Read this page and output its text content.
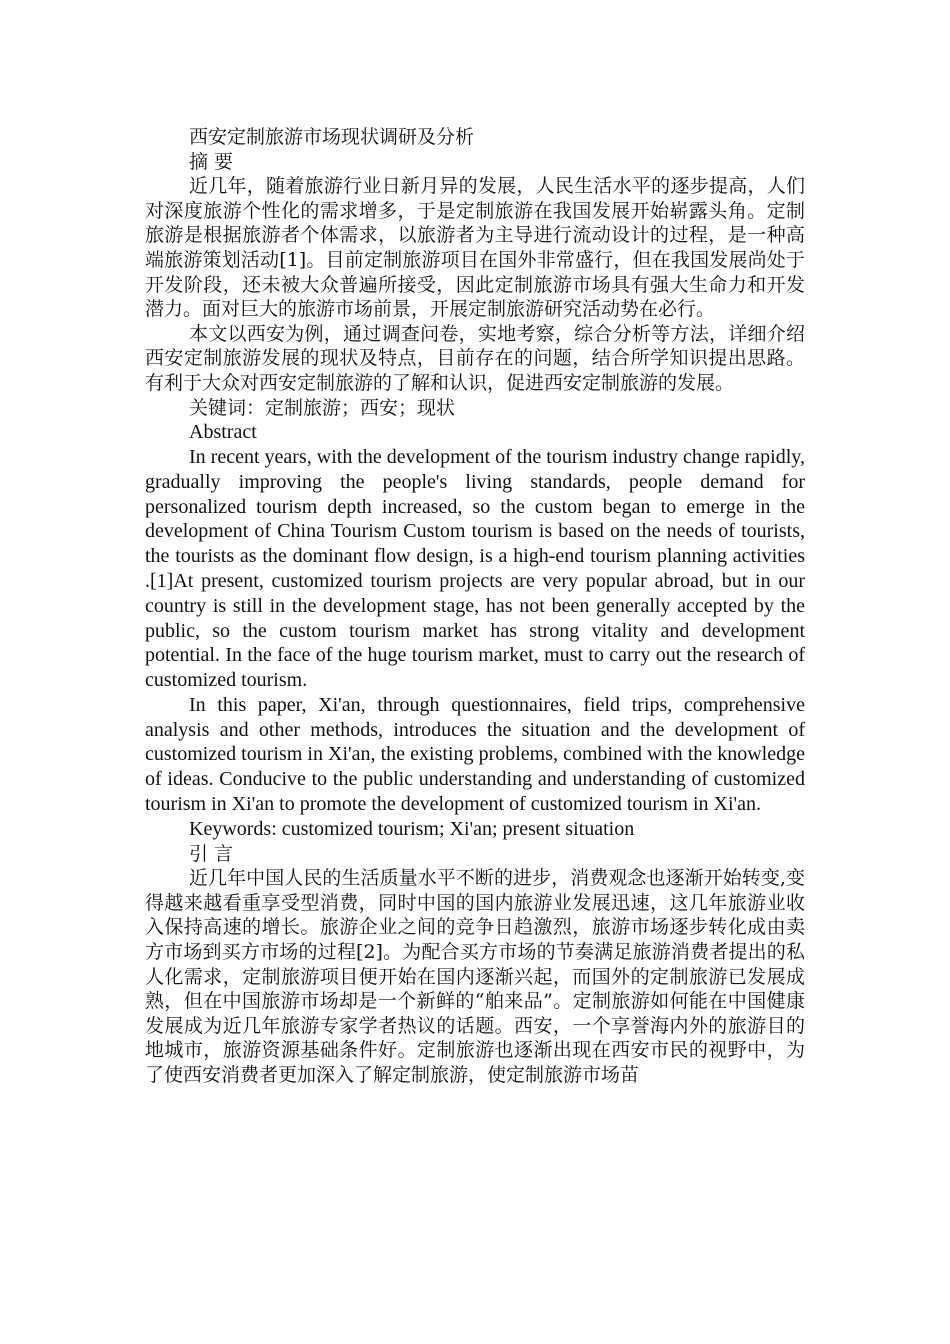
西安定制旅游市场现状调研及分析

摘 要

近几年，随着旅游行业日新月异的发展，人民生活水平的逐步提高，人们对深度旅游个性化的需求增多，于是定制旅游在我国发展开始崭露头角。定制旅游是根据旅游者个体需求，以旅游者为主导进行流动设计的过程，是一种高端旅游策划活动[1]。目前定制旅游项目在国外非常盛行，但在我国发展尚处于开发阶段，还未被大众普遍所接受，因此定制旅游市场具有强大生命力和开发潜力。面对巨大的旅游市场前景，开展定制旅游研究活动势在必行。

本文以西安为例，通过调查问卷，实地考察，综合分析等方法，详细介绍西安定制旅游发展的现状及特点，目前存在的问题，结合所学知识提出思路。有利于大众对西安定制旅游的了解和认识，促进西安定制旅游的发展。

关键词：定制旅游；西安；现状

Abstract

In recent years, with the development of the tourism industry change rapidly, gradually improving the people's living standards, people demand for personalized tourism depth increased, so the custom began to emerge in the development of China Tourism Custom tourism is based on the needs of tourists, the tourists as the dominant flow design, is a high-end tourism planning activities .[1]At present, customized tourism projects are very popular abroad, but in our country is still in the development stage, has not been generally accepted by the public, so the custom tourism market has strong vitality and development potential. In the face of the huge tourism market, must to carry out the research of customized tourism.

In this paper, Xi'an, through questionnaires, field trips, comprehensive analysis and other methods, introduces the situation and the development of customized tourism in Xi'an, the existing problems, combined with the knowledge of ideas. Conducive to the public understanding and understanding of customized tourism in Xi'an to promote the development of customized tourism in Xi'an.

Keywords: customized tourism; Xi'an; present situation

引 言

近几年中国人民的生活质量水平不断的进步，消费观念也逐渐开始转变,变得越来越看重享受型消费，同时中国的国内旅游业发展迅速，这几年旅游业收入保持高速的增长。旅游企业之间的竞争日趋激烈，旅游市场逐步转化成由卖方市场到买方市场的过程[2]。为配合买方市场的节奏满足旅游消费者提出的私人化需求，定制旅游项目便开始在国内逐渐兴起，而国外的定制旅游已发展成熟，但在中国旅游市场却是一个新鲜的“舶来品”。定制旅游如何能在中国健康发展成为近几年旅游专家学者热议的话题。西安，一个享誉海内外的旅游目的地城市，旅游资源基础条件好。定制旅游也逐渐出现在西安市民的视野中，为了使西安消费者更加深入了解定制旅游，使定制旅游市场苗
